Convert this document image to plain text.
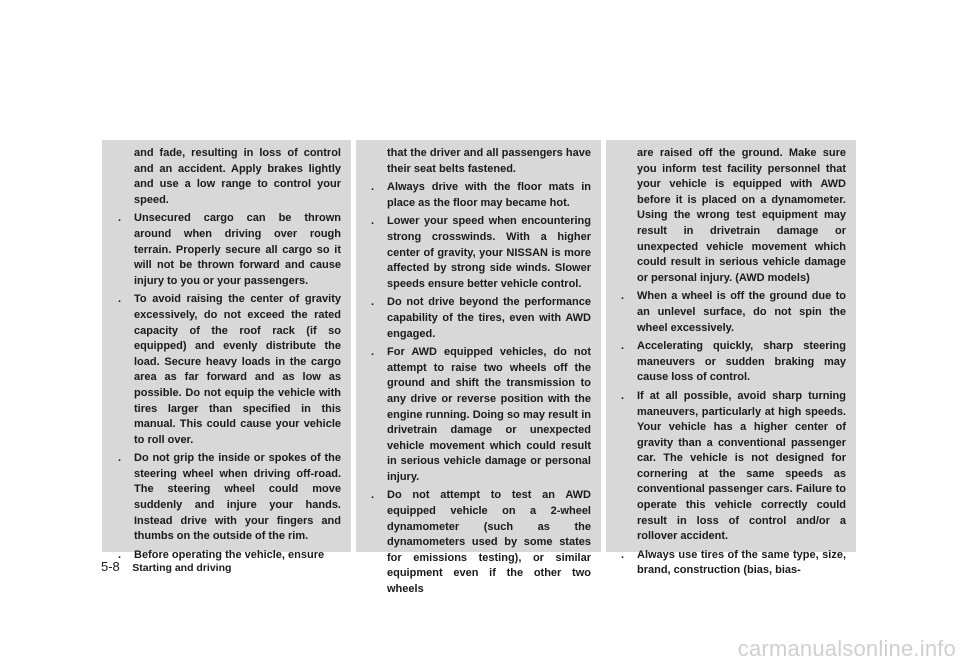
and fade, resulting in loss of control and an accident. Apply brakes lightly and use a low range to control your speed.

. Unsecured cargo can be thrown around when driving over rough terrain. Properly secure all cargo so it will not be thrown forward and cause injury to you or your passengers.

. To avoid raising the center of gravity excessively, do not exceed the rated capacity of the roof rack (if so equipped) and evenly distribute the load. Secure heavy loads in the cargo area as far forward and as low as possible. Do not equip the vehicle with tires larger than specified in this manual. This could cause your vehicle to roll over.

. Do not grip the inside or spokes of the steering wheel when driving off-road. The steering wheel could move suddenly and injure your hands. Instead drive with your fingers and thumbs on the outside of the rim.

. Before operating the vehicle, ensure

that the driver and all passengers have their seat belts fastened.

. Always drive with the floor mats in place as the floor may became hot.

. Lower your speed when encountering strong crosswinds. With a higher center of gravity, your NISSAN is more affected by strong side winds. Slower speeds ensure better vehicle control.

. Do not drive beyond the performance capability of the tires, even with AWD engaged.

. For AWD equipped vehicles, do not attempt to raise two wheels off the ground and shift the transmission to any drive or reverse position with the engine running. Doing so may result in drivetrain damage or unexpected vehicle movement which could result in serious vehicle damage or personal injury.

. Do not attempt to test an AWD equipped vehicle on a 2-wheel dynamometer (such as the dynamometers used by some states for emissions testing), or similar equipment even if the other two wheels

are raised off the ground. Make sure you inform test facility personnel that your vehicle is equipped with AWD before it is placed on a dynamometer. Using the wrong test equipment may result in drivetrain damage or unexpected vehicle movement which could result in serious vehicle damage or personal injury. (AWD models)

. When a wheel is off the ground due to an unlevel surface, do not spin the wheel excessively.

. Accelerating quickly, sharp steering maneuvers or sudden braking may cause loss of control.

. If at all possible, avoid sharp turning maneuvers, particularly at high speeds. Your vehicle has a higher center of gravity than a conventional passenger car. The vehicle is not designed for cornering at the same speeds as conventional passenger cars. Failure to operate this vehicle correctly could result in loss of control and/or a rollover accident.

. Always use tires of the same type, size, brand, construction (bias, bias-

5-8 Starting and driving
carmanualsonline.info
